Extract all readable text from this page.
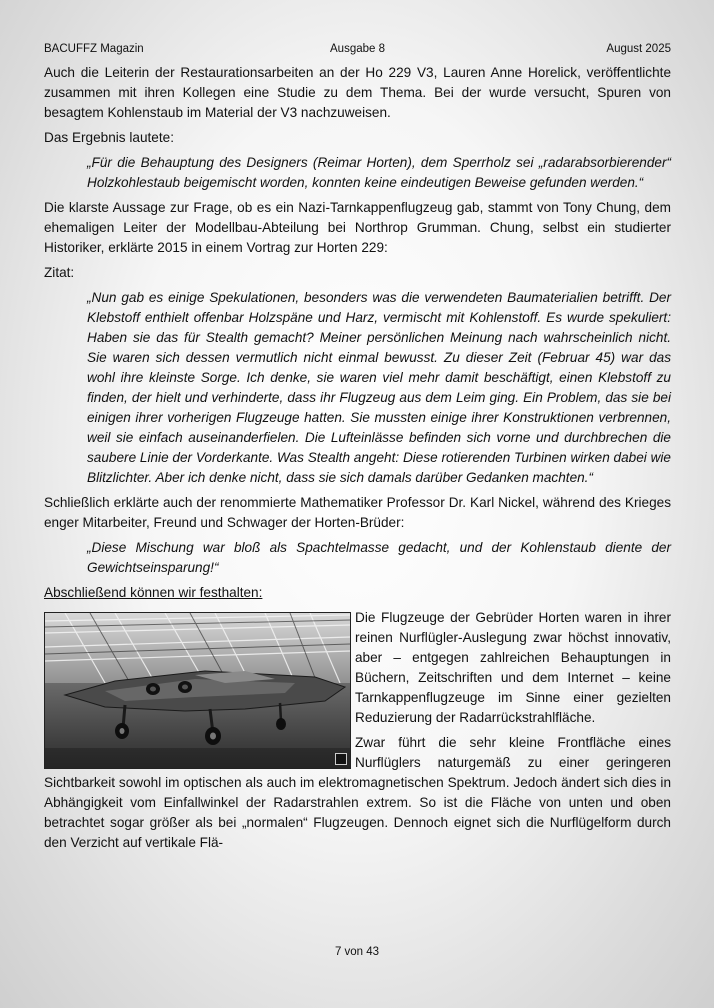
BACUFFZ Magazin	Ausgabe 8	August 2025

Auch die Leiterin der Restaurationsarbeiten an der Ho 229 V3, Lauren Anne Horelick, veröffentlichte zusammen mit ihren Kollegen eine Studie zu dem Thema. Bei der wurde versucht, Spuren von besagtem Kohlenstaub im Material der V3 nachzuweisen.

Das Ergebnis lautete:

„Für die Behauptung des Designers (Reimar Horten), dem Sperrholz sei „radarabsorbierender“ Holzkohlestaub beigemischt worden, konnten keine eindeutigen Beweise gefunden werden.“

Die klarste Aussage zur Frage, ob es ein Nazi-Tarnkappenflugzeug gab, stammt von Tony Chung, dem ehemaligen Leiter der Modellbau-Abteilung bei Northrop Grumman. Chung, selbst ein studierter Historiker, erklärte 2015 in einem Vortrag zur Horten 229:

Zitat:

„Nun gab es einige Spekulationen, besonders was die verwendeten Baumaterialien betrifft. Der Klebstoff enthielt offenbar Holzspäne und Harz, vermischt mit Kohlenstoff. Es wurde spekuliert: Haben sie das für Stealth gemacht? Meiner persönlichen Meinung nach wahrscheinlich nicht. Sie waren sich dessen vermutlich nicht einmal bewusst. Zu dieser Zeit (Februar 45) war das wohl ihre kleinste Sorge. Ich denke, sie waren viel mehr damit beschäftigt, einen Klebstoff zu finden, der hielt und verhinderte, dass ihr Flugzeug aus dem Leim ging. Ein Problem, das sie bei einigen ihrer vorherigen Flugzeuge hatten. Sie mussten einige ihrer Konstruktionen verbrennen, weil sie einfach auseinanderfielen. Die Lufteinlässe befinden sich vorne und durchbrechen die saubere Linie der Vorderkante. Was Stealth angeht: Diese rotierenden Turbinen wirken dabei wie Blitzlichter. Aber ich denke nicht, dass sie sich damals darüber Gedanken machten.“

Schließlich erklärte auch der renommierte Mathematiker Professor Dr. Karl Nickel, während des Krieges enger Mitarbeiter, Freund und Schwager der Horten-Brüder:

„Diese Mischung war bloß als Spachtelmasse gedacht, und der Kohlenstaub diente der Gewichtseinsparung!“

Abschließend können wir festhalten:

Die Flugzeuge der Gebrüder Horten waren in ihrer reinen Nurflügler-Auslegung zwar höchst innovativ, aber – entgegen zahlreichen Behauptungen in Büchern, Zeitschriften und dem Internet – keine Tarnkappenflugzeuge im Sinne einer gezielten Reduzierung der Radarrückstrahlfläche.

Zwar führt die sehr kleine Frontfläche eines Nurflüglers naturgemäß zu einer geringeren Sichtbarkeit sowohl im optischen als auch im elektromagnetischen Spektrum. Jedoch ändert sich dies in Abhängigkeit vom Einfallwinkel der Radarstrahlen extrem. So ist die Fläche von unten und oben betrachtet sogar größer als bei „normalen“ Flugzeugen. Dennoch eignet sich die Nurflügelform durch den Verzicht auf vertikale Flä-

7 von 43
